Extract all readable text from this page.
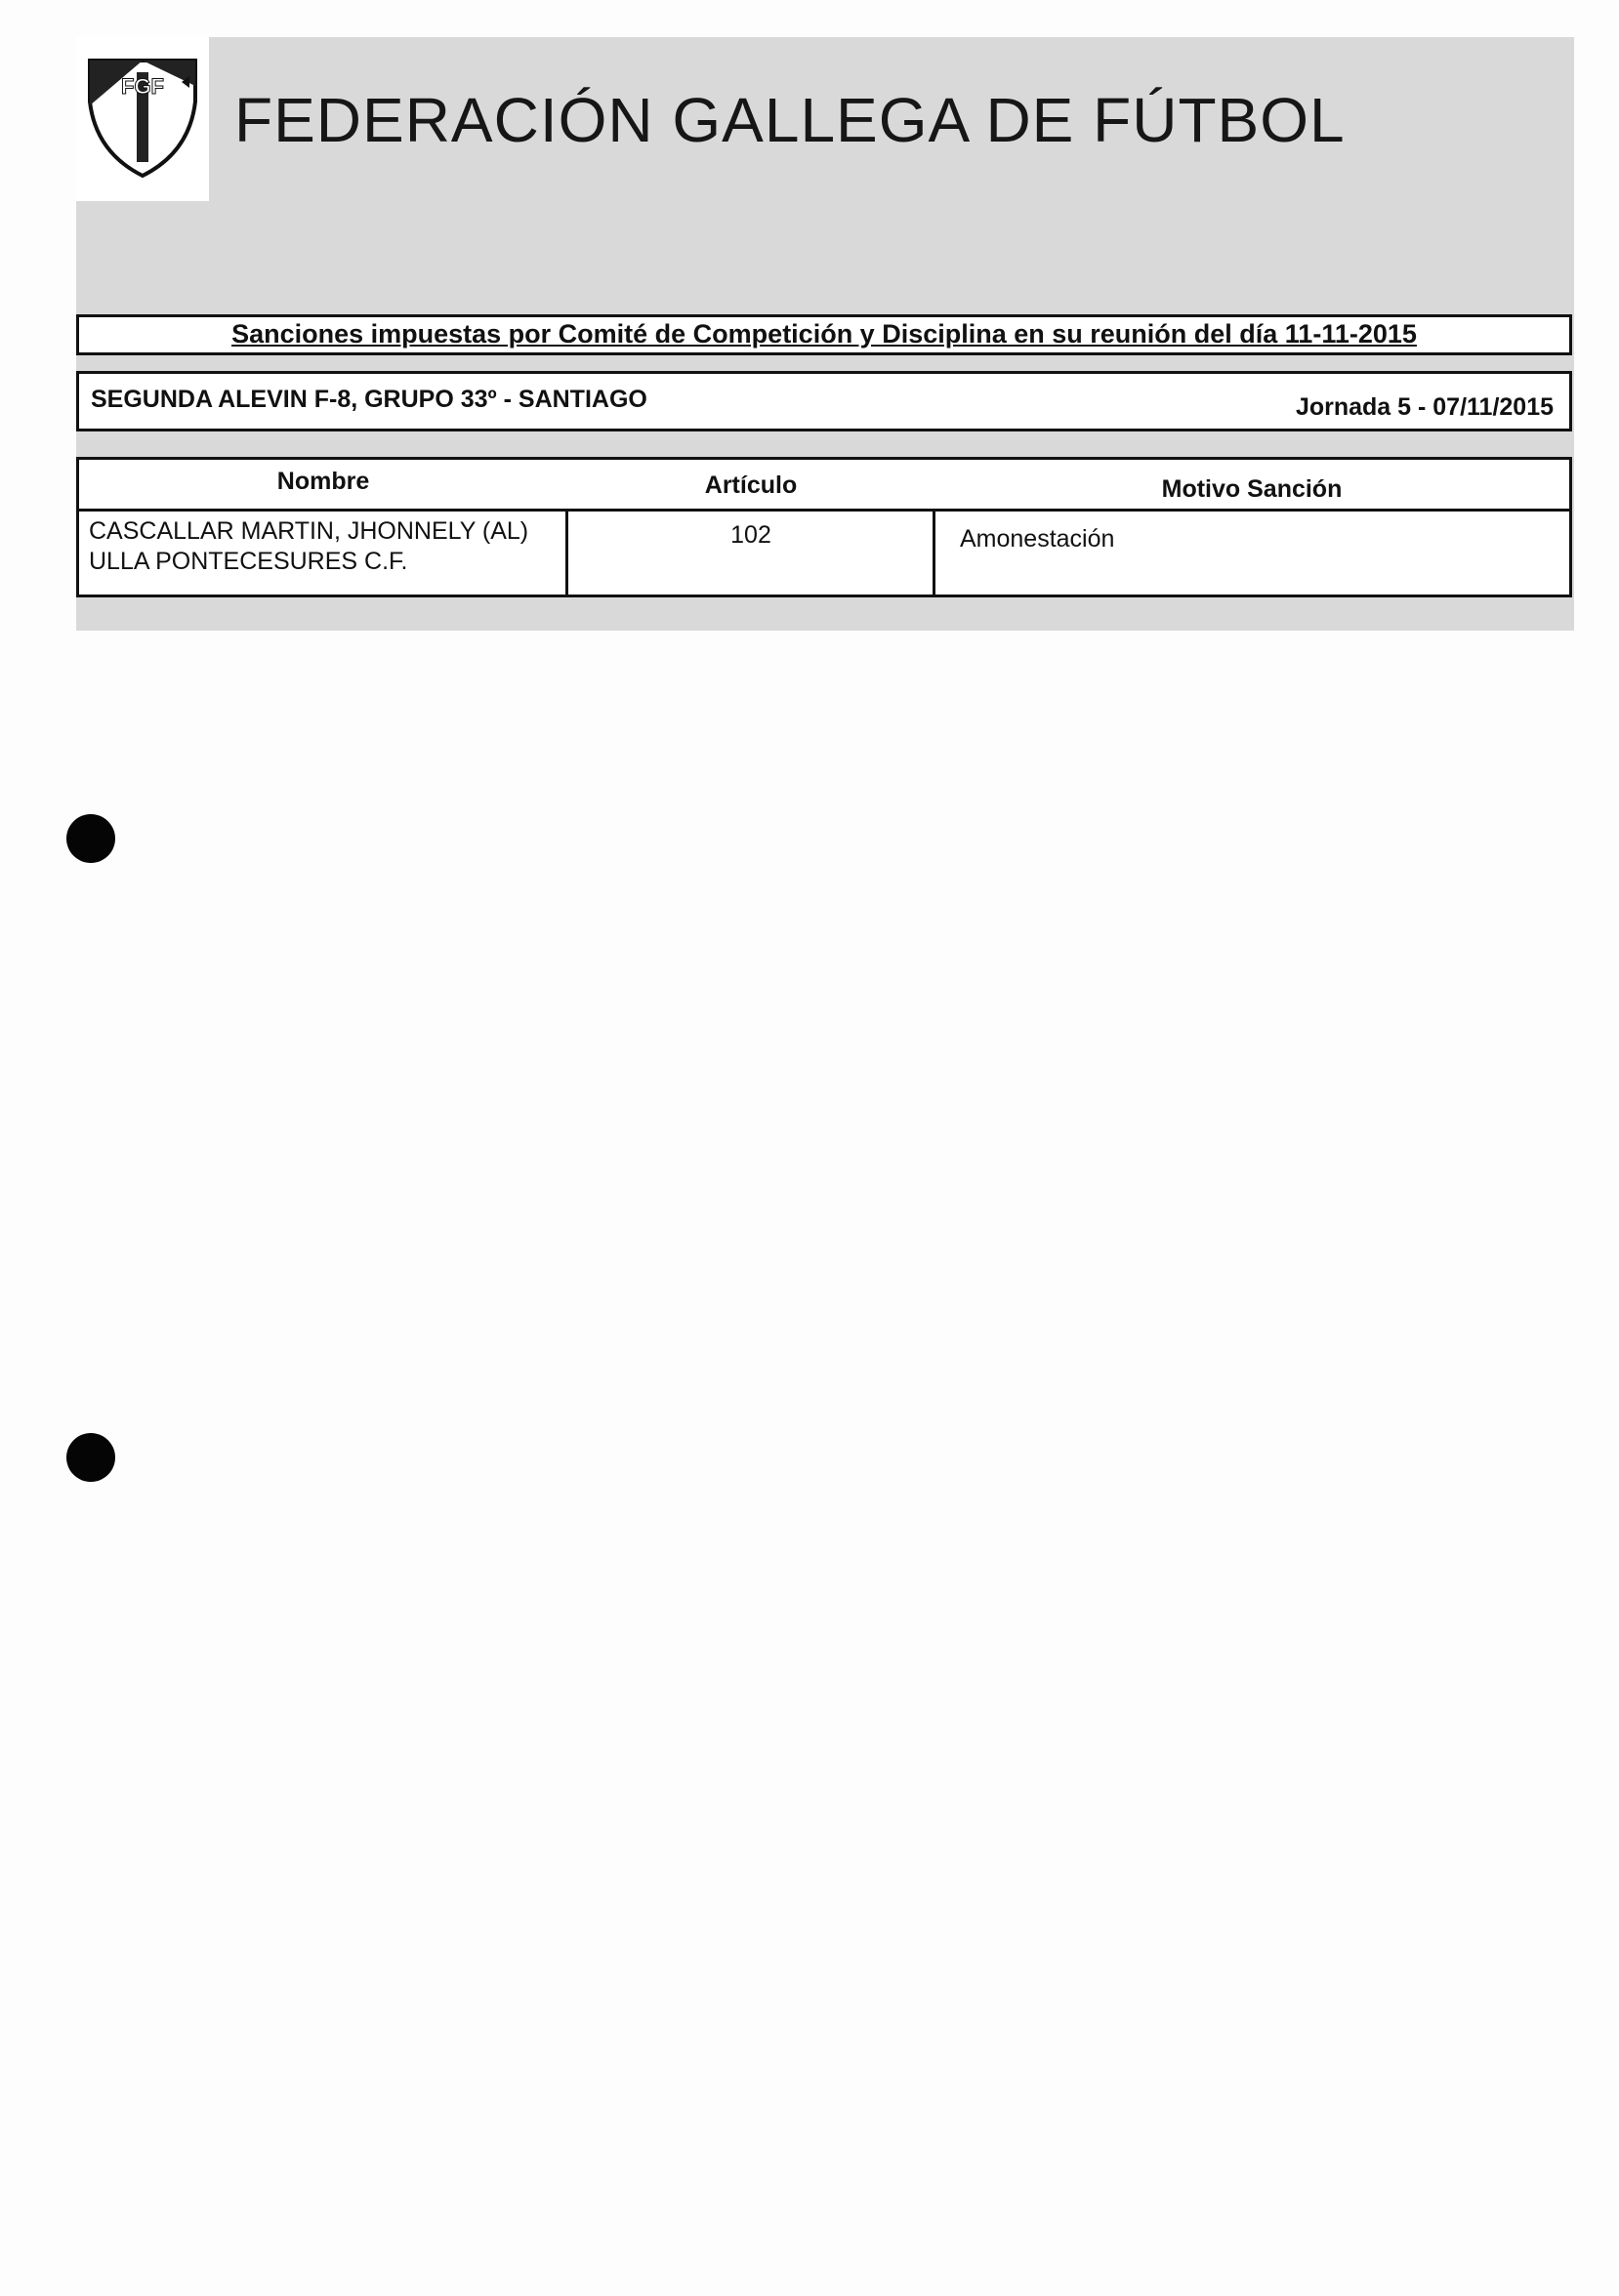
FGF FEDERACIÓN GALLEGA DE FÚTBOL
Sanciones impuestas por Comité de Competición y Disciplina en su reunión del día 11-11-2015
SEGUNDA ALEVIN F-8, GRUPO 33º - SANTIAGO	Jornada 5 - 07/11/2015
Nombre	Artículo	Motivo Sanción
CASCALLAR MARTIN, JHONNELY (AL)
ULLA PONTECESURES C.F.
102	Amonestación
